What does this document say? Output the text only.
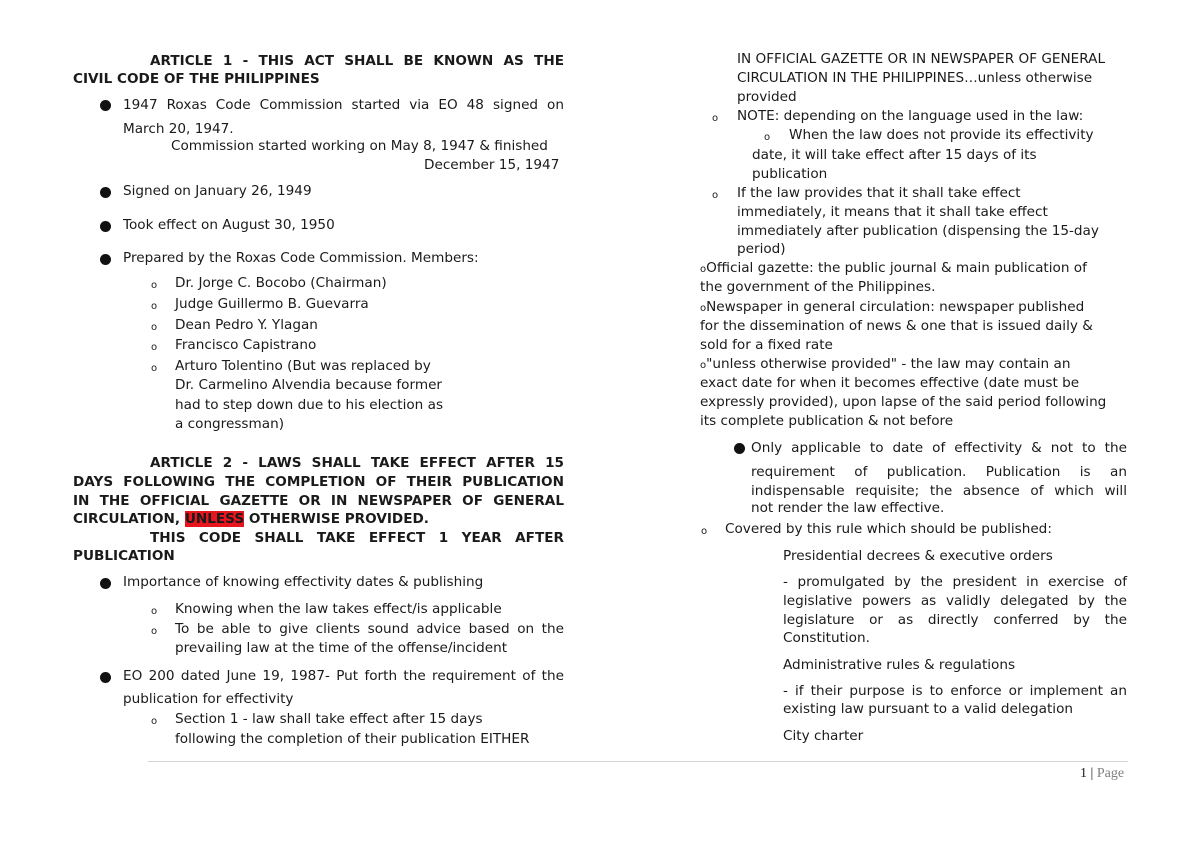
ARTICLE 1 - THIS ACT SHALL BE KNOWN AS THE
CIVIL CODE OF THE PHILIPPINES
1947 Roxas Code Commission started via EO 48 signed on
March 20, 1947.
Commission started working on May 8, 1947 & finished
December 15, 1947
Signed on January 26, 1949
Took effect on August 30, 1950
Prepared by the Roxas Code Commission. Members:
o Dr. Jorge C. Bocobo (Chairman)
o Judge Guillermo B. Guevarra
o Dean Pedro Y. Ylagan
o Francisco Capistrano
o Arturo Tolentino (But was replaced by
Dr. Carmelino Alvendia because former
had to step down due to his election as
a congressman)
ARTICLE 2 - LAWS SHALL TAKE EFFECT AFTER 15
DAYS FOLLOWING THE COMPLETION OF THEIR PUBLICATION
IN THE OFFICIAL GAZETTE OR IN NEWSPAPER OF GENERAL
CIRCULATION, UNLESS OTHERWISE PROVIDED.
THIS CODE SHALL TAKE EFFECT 1 YEAR AFTER
PUBLICATION
Importance of knowing effectivity dates & publishing
o Knowing when the law takes effect/is applicable
o To be able to give clients sound advice based on the
prevailing law at the time of the offense/incident
EO 200 dated June 19, 1987- Put forth the requirement of the
publication for effectivity
o Section 1 - law shall take effect after 15 days
following the completion of their publication EITHER
IN OFFICIAL GAZETTE OR IN NEWSPAPER OF GENERAL
CIRCULATION IN THE PHILIPPINES…unless otherwise
provided
o NOTE: depending on the language used in the law:
o When the law does not provide its effectivity
date, it will take effect after 15 days of its
publication
o If the law provides that it shall take effect
immediately, it means that it shall take effect
immediately after publication (dispensing the 15-day
period)
oOfficial gazette: the public journal & main publication of
the government of the Philippines.
oNewspaper in general circulation: newspaper published
for the dissemination of news & one that is issued daily &
sold for a fixed rate
o"unless otherwise provided" - the law may contain an
exact date for when it becomes effective (date must be
expressly provided), upon lapse of the said period following
its complete publication & not before
Only applicable to date of effectivity & not to the
requirement of publication. Publication is an
indispensable requisite; the absence of which will
not render the law effective.
o Covered by this rule which should be published:
Presidential decrees & executive orders
- promulgated by the president in exercise of
legislative powers as validly delegated by the
legislature or as directly conferred by the
Constitution.
Administrative rules & regulations
- if their purpose is to enforce or implement an
existing law pursuant to a valid delegation
City charter
1 | Page
